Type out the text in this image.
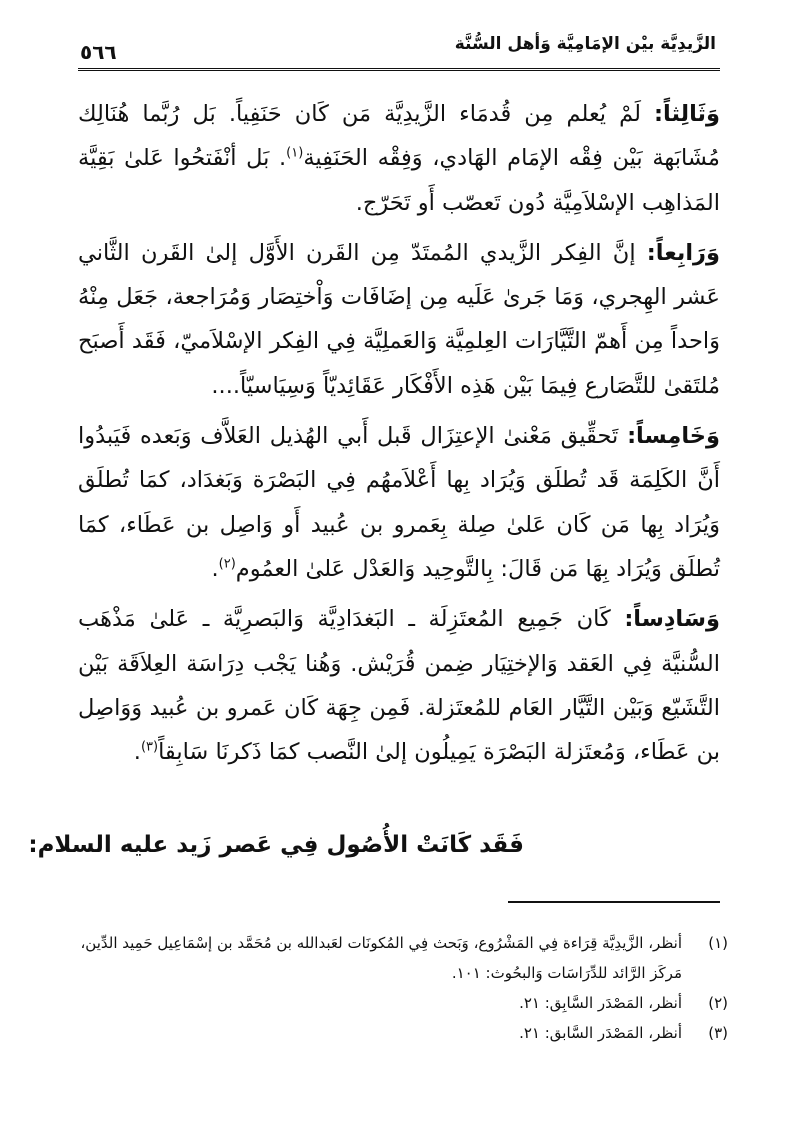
الزَّيدِيَّة بيْن الإمَامِيَّة وَأهل السُّنَّة
٥٦٦

وَثَالِثاً: لَمْ يُعلم مِن قُدمَاء الزَّيدِيَّة مَن كَان حَنَفِياً. بَل رُبَّما هُنَالِك مُشَابَهة بَيْن فِقْه الإمَام الهَادي، وَفِقْه الحَنَفِية$^{(١)}$. بَل أنْفَتحُوا عَلىٰ بَقِيَّة المَذاهِب الإسْلاَمِيَّة دُون تَعصّب أَو تَحَرّج.

وَرَابِعاً: إنَّ الفِكر الزَّيدي المُمتَدّ مِن القَرن الأَوَّل إلىٰ القَرن الثَّاني عَشر الهِجري، وَمَا جَرىٰ عَلَيه مِن إضَافَات وَاْختِصَار وَمُرَاجعة، جَعَل مِنْهُ وَاحداً مِن أَهمّ التَّيَّارَات العِلمِيَّة وَالعَملِيَّة فِي الفِكر الإسْلاَميّ، فَقَد أَصبَح مُلتَقىٰ للتَّصَارع فِيمَا بَيْن هَذِه الأَفْكَار عَقَائِديّاً وَسِيَاسيّاً....

وَخَامِساً: تَحقِّيق مَعْنىٰ الإعتِزَال قَبل أَبي الهُذيل العَلاَّف وَبَعده فَيَبدُوا أَنَّ الكَلِمَة قَد تُطلَق وَيُرَاد بِها أَعْلاَمهُم فِي البَصْرَة وَبَغدَاد، كمَا تُطلَق وَيُرَاد بِها مَن كَان عَلىٰ صِلة بِعَمرو بن عُبيد أَو وَاصِل بن عَطَاء، كمَا تُطلَق وَيُرَاد بِهَا مَن قَالَ: بِالتَّوحِيد وَالعَدْل عَلىٰ العمُوم$^{(٢)}$.

وَسَادِساً: كَان جَمِيع المُعتَزِلَة ـ البَغدَادِيَّة وَالبَصرِيَّة ـ عَلىٰ مَذْهَب السُّنيَّة فِي العَقد وَالإختِيَار ضِمن قُرَيْش. وَهُنا يَجْب دِرَاسَة العِلاَقَة بَيْن التَّشَيّع وَبَيْن التَّيَّار العَام للمُعتَزلة. فَمِن جِهَة كَان عَمرو بن عُبيد وَوَاصِل بن عَطَاء، وَمُعتَزلة البَصْرَة يَمِيلُون إلىٰ النَّصب كمَا ذَكرنَا سَابِقاً$^{(٣)}$.

فَقَد كَانَتْ الأُصُول فِي عَصر زَيد عليه السلام:
(١)
أنظر، الزَّيدِيَّة قِرَاءة فِي المَشْرُوع، وَبَحث فِي المُكونَات لعَبدالله بن مُحَمَّد بن إسْمَاعِيل حَمِيد الدِّين،
مَركَز الرَّائد للدِّرَاسَات وَالبحُوث: ١٠١.
(٢)
أنظر، المَصْدَر السَّابِق: ٢١.
(٣)
أنظر، المَصْدَر السَّابق: ٢١.
